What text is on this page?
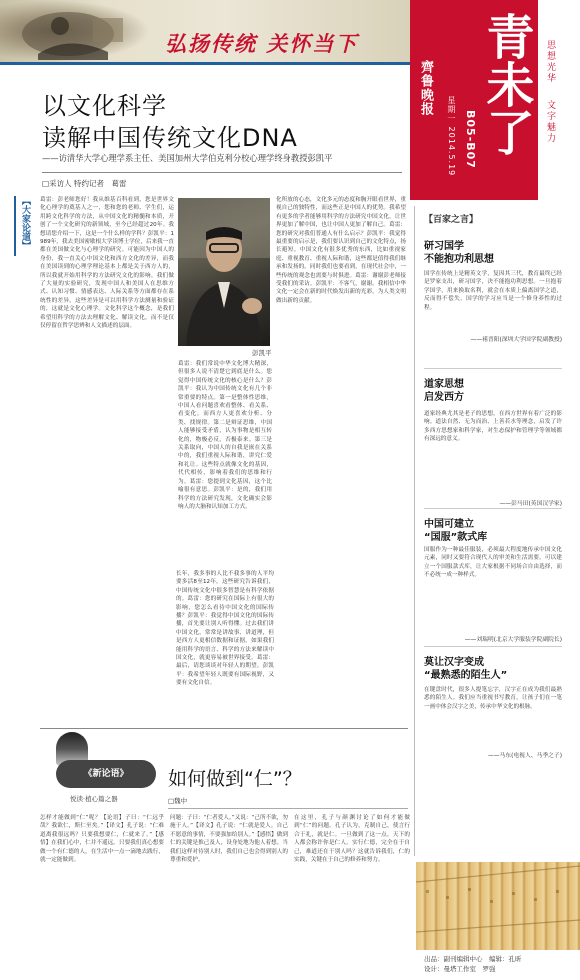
弘扬传统 关怀当下
齊鲁晚报 星期一 2014.5.19 B05-B07 青未了 思想光华
文字魅力
以文化科学
读解中国传统文化DNA
——访清华大学心理学系主任、美国加州大学伯克利分校心理学终身教授彭凯平
□采访人 特约记者　葛雷
【大家论道】	葛雷：彭老师您好！我从维基百科看到，您是世界文化心理学的奠基人之一，您和您的老师、学生们，运用跨文化科学的方法，从中国文化的精髓和本质，开创了一个文化研究的新领域，至今已经超过20年。我想请您介绍一下，这是一个什么样的学科？彭凯平：1989年，我去美国密歇根大学读博士学位，后来我一直都在美国做文化与心理学的研究。可能因为中国人的身份，我一直关心中国文化和西方文化的差异，而我在美国读到的心理学理论基本上都是关于西方人的，所以我就开始用科学的方法研究文化的影响。我们做了大量的实验研究，发现中国人和美国人在思维方式、认知习惯、情感表达、人际关系等方面都存在系统性的差异，这些差异是可以用科学方法测量和验证的，这就是文化心理学。文化科学这个概念，是我们希望用科学的方法去理解文化、解读文化，而不是仅仅停留在哲学思辨和人文描述的层面。
彭凯平
葛雷：我们常说中华文化博大精深，但很多人说不清楚它到底是什么。您觉得中国传统文化的核心是什么？彭凯平：我认为中国传统文化有几个非常重要的特点。第一是整体性思维，中国人看问题喜欢看整体、看关系、看变化，而西方人更喜欢分析、分类、找规律。第二是辩证思维，中国人能够接受矛盾，认为事物是相互转化的，物极必反，否极泰来。第三是关系取向，中国人的自我是嵌在关系中的，我们重视人际和谐，讲究仁爱和礼让。这些特点就像文化的基因，代代相传，影响着我们的思维和行为。葛雷：您提到文化基因，这个比喻很有意思。彭凯平：是的，我们用科学的方法研究发现，文化确实会影响人的大脑和认知加工方式。
化所放的心态，文化多元的态度和胸开眼看世界，重视自己的独特性，而这些正是中国人的优势。我希望有更多的学者能够用科学的方法研究中国文化，让世界更加了解中国，也让中国人更加了解自己。葛雷：您的研究对我们普通人有什么启示？彭凯平：我觉得最重要的启示是，我们要认识到自己的文化特点，扬长避短。中国文化有很多优秀的东西，比如重视家庭、重视教育、重视人际和谐，这些都是值得我们继承和发扬的。同时我们也要看到，在现代社会中，一些传统的观念也需要与时俱进。葛雷：谢谢彭老师接受我们的采访。彭凯平：不客气，谢谢。我相信中华文化一定会在新的时代焕发出新的光彩，为人类文明做出新的贡献。
长年，我多事的人比不我多事的人平均要多活8至12年。这些研究告诉我们，中国传统文化中很多智慧是有科学依据的。葛雷：您的研究在国际上有很大的影响，您怎么看待中国文化的国际传播？彭凯平：我觉得中国文化的国际传播，首先要让别人听得懂。过去我们讲中国文化，常常是讲故事、讲道理，但是西方人更相信数据和证据。如果我们能用科学的语言、科学的方法来解读中国文化，就更容易被世界接受。葛雷：最后，请您谈谈对年轻人的期望。彭凯平：我希望年轻人既要有国际视野，又要有文化自信。
【百家之言】
研习国学
不能抱功利思想
国学在传统上是精英文学，复因其三代，教育最终已经是罗家支出，研习国学，决不能抱功利思想。一旦抱着学国学，用来换取名利，就会在本质上偏离国学之道，反而得不偿失。国学的学习应当是一个修身养性的过程。
——褚晋阳(深圳大学国学院副教授)
道家思想
启发西方
道家经典尤其是老子的思想，在西方世界有着广泛的影响。道法自然、无为而治、上善若水等理念，启发了许多西方思想家和科学家，对生态保护和管理学等领域都有深远的意义。
——彭马田(英国汉学家)
中国可建立
“国服”款式库
国服作为一种最佳服装，必须最大程度地传承中国文化元素，同时又要符合现代人的审美和生活需要。可以建立一个国服款式库，让大家根据不同场合自由选择，而不必统一成一种样式。
——刘瑞明(北京大学服装学院副院长)
莫让汉字变成
“最熟悉的陌生人”
在键盘时代，很多人提笔忘字，汉字正在成为我们最熟悉的陌生人。我们应当重视书写教育，让孩子们在一笔一画中体会汉字之美，传承中华文化的根脉。
——马东(电视人、马季之子)
《新论语》
悦读·植心篇之器
如何做到“仁”？
□魏中
怎样才能做到“仁”呢？【论语】子曰：“仁远乎哉？我欲仁，斯仁至矣。”【译文】孔子说：“仁难道离我很远吗？只要我想要仁，仁就来了。”【感悟】在我们心中，仁并不遥远。只要我们真心想要做一个有仁德的人，在生活中一点一滴地去践行，就一定能做到。
问题：子曰：“仁者爱人。”又说：“己所不欲，勿施于人。”【译文】孔子说：“仁就是爱人。自己不愿意的事情，不要强加给别人。”【感悟】做到仁的关键是推己及人，设身处地为他人着想。当我们这样对待别人时，我们自己也会得到别人的尊重和爱护。
在这里，孔子与颜渊讨论了如何才能做到“仁”的问题。孔子认为，克制自己，使言行合于礼，就是仁。一旦做到了这一点，天下的人都会称许你是仁人。实行仁德，完全在于自己，难道还在于别人吗？这就告诉我们，仁的实践，关键在于自己的修养和努力。
出品：副刊编辑中心　编辑：孔昕
设计：曼塔工作室　罗强
